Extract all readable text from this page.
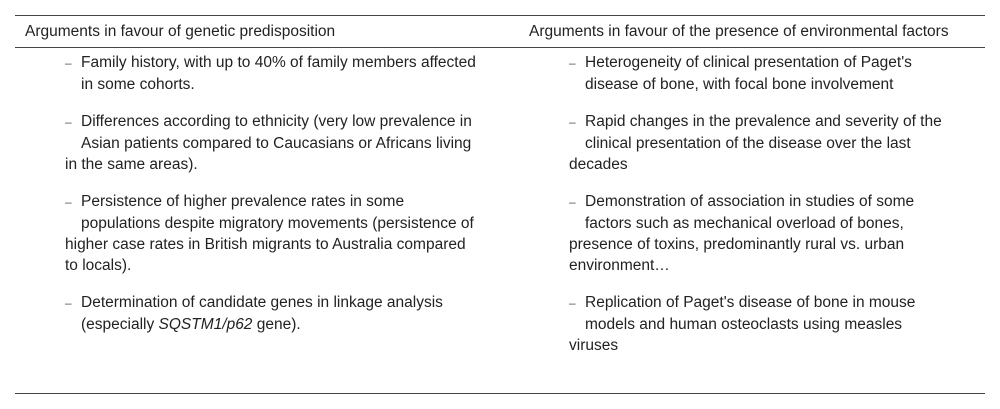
Arguments in favour of genetic predisposition	Arguments in favour of the presence of environmental factors
– Family history, with up to 40% of family members affected
in some cohorts.
– Differences according to ethnicity (very low prevalence in
Asian patients compared to Caucasians or Africans living
in the same areas).
– Persistence of higher prevalence rates in some
populations despite migratory movements (persistence of
higher case rates in British migrants to Australia compared
to locals).
– Determination of candidate genes in linkage analysis
(especially SQSTM1/p62 gene).
– Heterogeneity of clinical presentation of Paget's
disease of bone, with focal bone involvement
– Rapid changes in the prevalence and severity of the
clinical presentation of the disease over the last
decades
– Demonstration of association in studies of some
factors such as mechanical overload of bones,
presence of toxins, predominantly rural vs. urban
environment…
– Replication of Paget's disease of bone in mouse
models and human osteoclasts using measles
viruses
